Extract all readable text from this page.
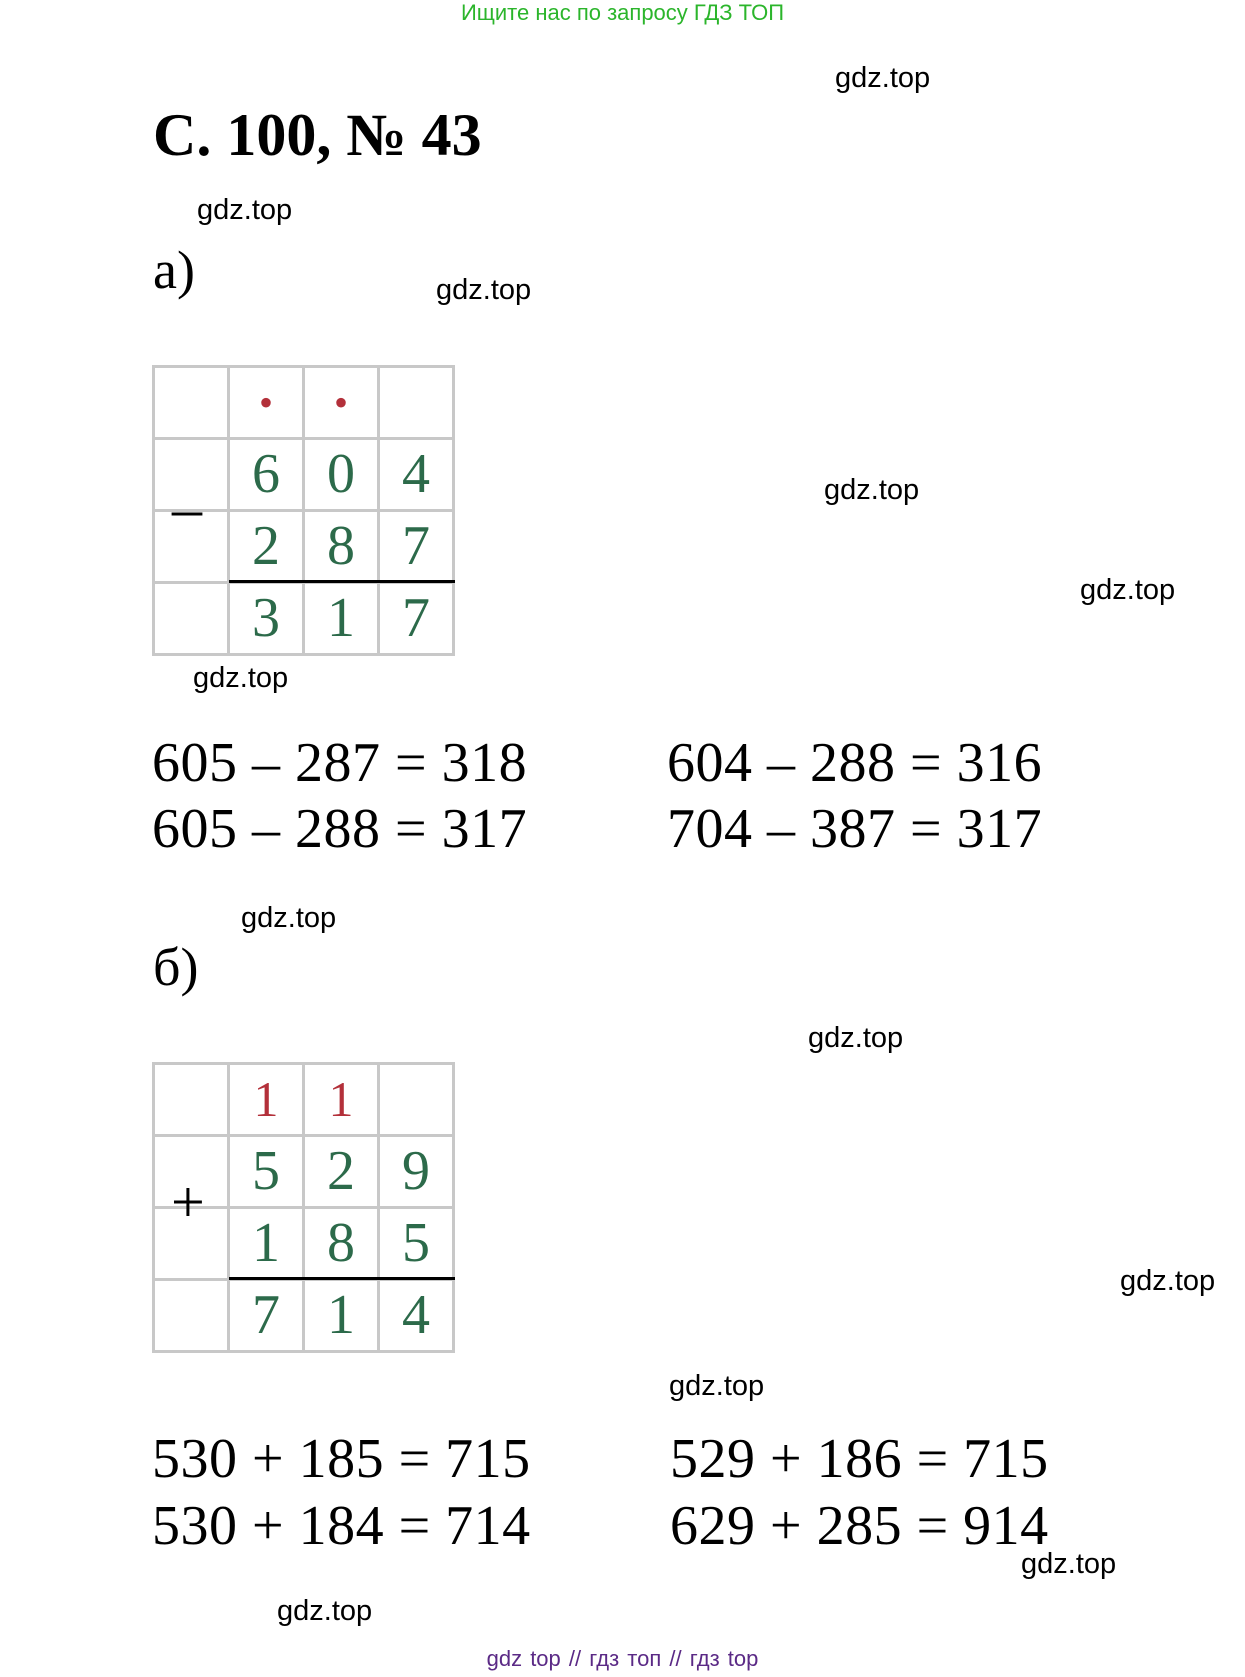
Ищите нас по запросу ГДЗ ТОП
С. 100, № 43
gdz.top
gdz.top
gdz.top
gdz.top
gdz.top
gdz.top
gdz.top
gdz.top
gdz.top
gdz.top
gdz.top
gdz.top
а)
	•	•	
	6	0	4
	2	8	7
	3	1	7
–
605 – 287 = 318
605 – 288 = 317
604 – 288 = 316
704 – 387 = 317
б)
	1	1	
	5	2	9
	1	8	5
	7	1	4
+
530 + 185 = 715
530 + 184 = 714
529 + 186 = 715
629 + 285 = 914
gdz top // гдз топ // гдз top
